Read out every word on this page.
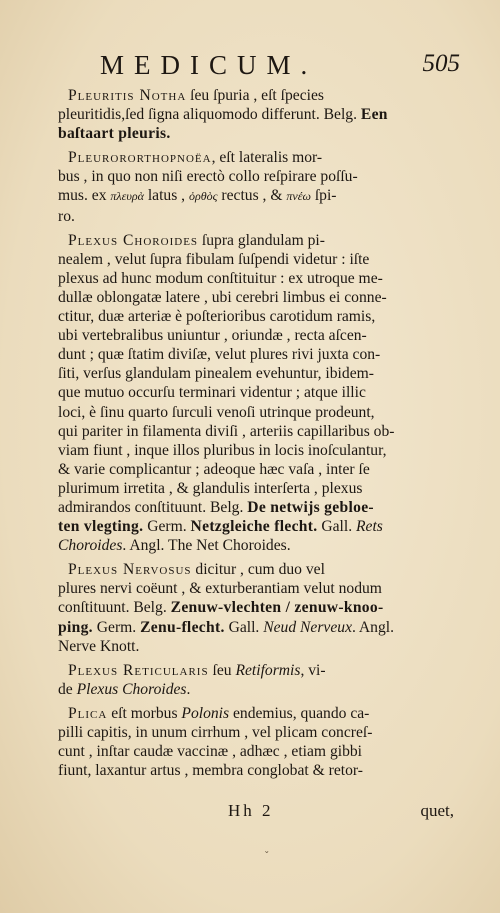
MEDICUM.	505
Pleuritis Notha ſeu ſpuria , eſt ſpecies
pleuritidis,ſed ſigna aliquomodo differunt. Belg. Een
baſtaart pleuris.
Pleurororthopnoëa, eſt lateralis mor-
bus , in quo non niſi erectò collo reſpirare poſſu-
mus. ex πλευρὰ latus , ὀρθὸς rectus , & πνέω ſpi-
ro.
Plexus Choroides ſupra glandulam pi-
nealem , velut ſupra fibulam ſuſpendi videtur : iſte
plexus ad hunc modum conſtituitur : ex utroque me-
dullæ oblongatæ latere , ubi cerebri limbus ei conne-
ctitur, duæ arteriæ è poſterioribus carotidum ramis,
ubi vertebralibus uniuntur , oriundæ , recta aſcen-
dunt ; quæ ſtatim diviſæ, velut plures rivi juxta con-
ſiti, verſus glandulam pinealem evehuntur, ibidem-
que mutuo occurſu terminari videntur ; atque illic
loci, è ſinu quarto ſurculi venoſi utrinque prodeunt,
qui pariter in filamenta diviſi , arteriis capillaribus ob-
viam fiunt , inque illos pluribus in locis inoſculantur,
& varie complicantur ; adeoque hæc vaſa , inter ſe
plurimum irretita , & glandulis interſerta , plexus
admirandos conſtituunt. Belg. De netwijs gebloe-
ten vlegting. Germ. Netzgleiche flecht. Gall. Rets
Choroides. Angl. The Net Choroides.
Plexus Nervosus dicitur , cum duo vel
plures nervi coëunt , & exturberantiam velut nodum
conſtituunt. Belg. Zenuw-vlechten / zenuw-knoo-
ping. Germ. Zenu-flecht. Gall. Neud Nerveux. Angl.
Nerve Knott.
Plexus Reticularis ſeu Retiformis, vi-
de Plexus Choroides.
Plica eſt morbus Polonis endemius, quando ca-
pilli capitis, in unum cirrhum , vel plicam concreſ-
cunt , inſtar caudæ vaccinæ , adhæc , etiam gibbi
fiunt, laxantur artus , membra conglobat & retor-
Hh 2	quet,
ˇ
